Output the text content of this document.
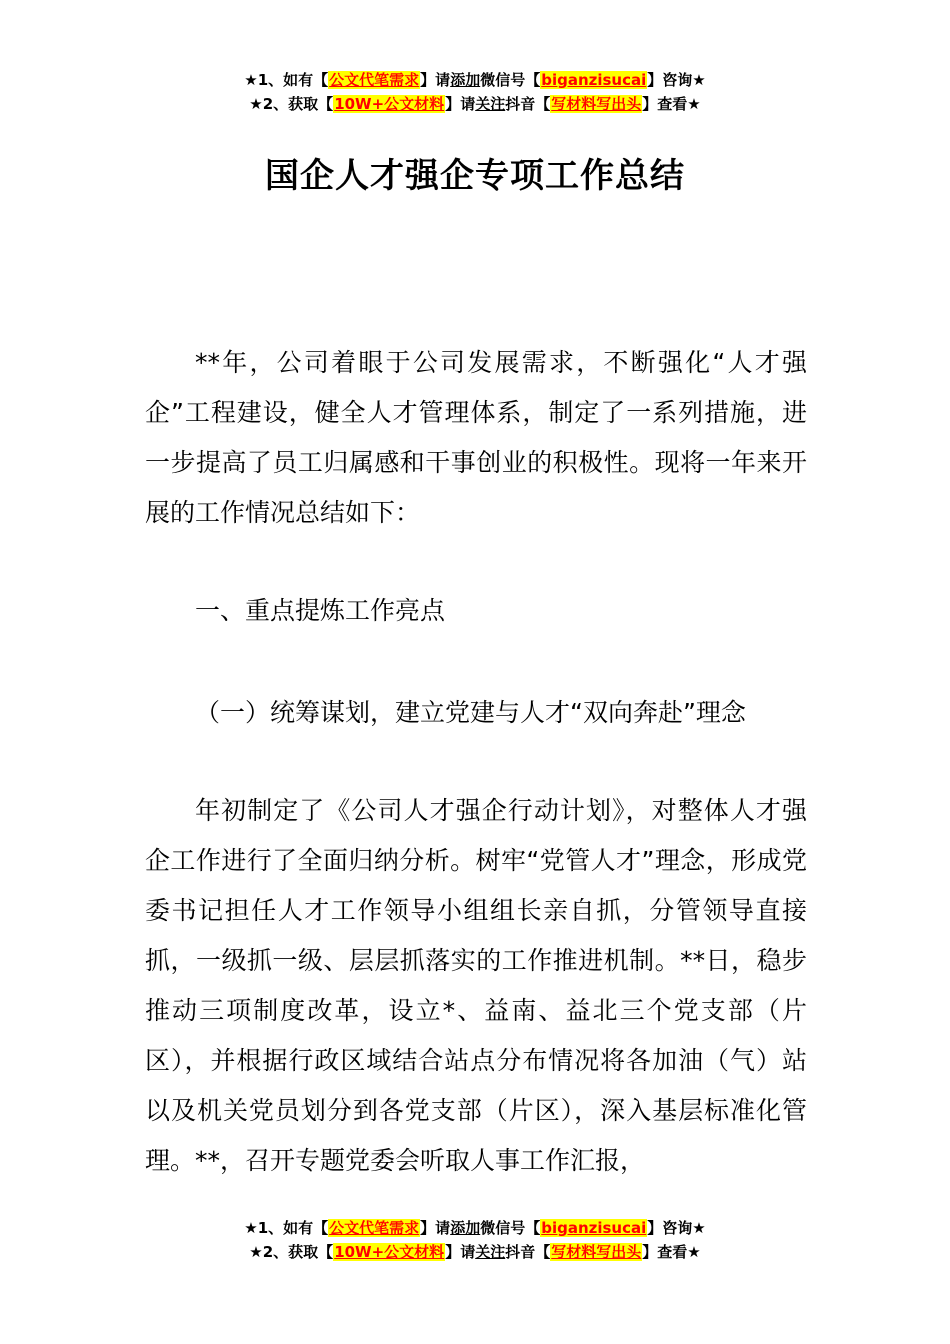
★1、如有【公文代笔需求】请添加微信号【biganzisucai】咨询★
★2、获取【10W+公文材料】请关注抖音【写材料写出头】查看★
国企人才强企专项工作总结

**年，公司着眼于公司发展需求，不断强化“人才强企”工程建设，健全人才管理体系，制定了一系列措施，进一步提高了员工归属感和干事创业的积极性。现将一年来开展的工作情况总结如下：

一、重点提炼工作亮点

（一）统筹谋划，建立党建与人才“双向奔赴”理念

年初制定了《公司人才强企行动计划》，对整体人才强企工作进行了全面归纳分析。树牢“党管人才”理念，形成党委书记担任人才工作领导小组组长亲自抓，分管领导直接抓，一级抓一级、层层抓落实的工作推进机制。**日，稳步推动三项制度改革，设立*、益南、益北三个党支部（片区），并根据行政区域结合站点分布情况将各加油（气）站以及机关党员划分到各党支部（片区），深入基层标准化管理。**，召开专题党委会听取人事工作汇报，

★1、如有【公文代笔需求】请添加微信号【biganzisucai】咨询★
★2、获取【10W+公文材料】请关注抖音【写材料写出头】查看★
